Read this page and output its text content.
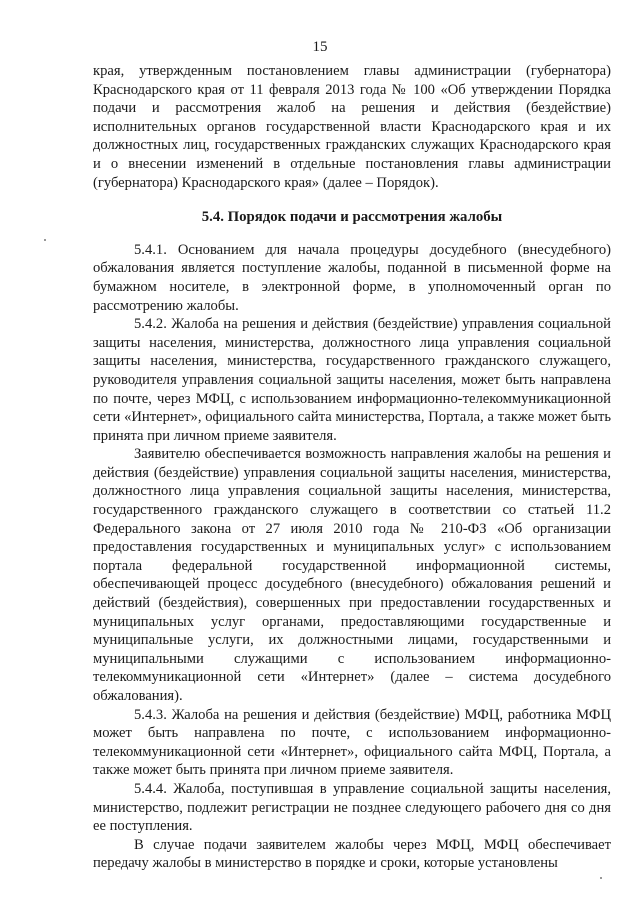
15

края, утвержденным постановлением главы администрации (губернатора) Краснодарского края от 11 февраля 2013 года № 100 «Об утверждении Порядка подачи и рассмотрения жалоб на решения и действия (бездействие) исполнительных органов государственной власти Краснодарского края и их должностных лиц, государственных гражданских служащих Краснодарского края и о внесении изменений в отдельные постановления главы администрации (губернатора) Краснодарского края» (далее – Порядок).

5.4. Порядок подачи и рассмотрения жалобы

5.4.1. Основанием для начала процедуры досудебного (внесудебного) обжалования является поступление жалобы, поданной в письменной форме на бумажном носителе, в электронной форме, в уполномоченный орган по рассмотрению жалобы.

5.4.2. Жалоба на решения и действия (бездействие) управления социальной защиты населения, министерства, должностного лица управления социальной защиты населения, министерства, государственного гражданского служащего, руководителя управления социальной защиты населения, может быть направлена по почте, через МФЦ, с использованием информационно-телекоммуникационной сети «Интернет», официального сайта министерства, Портала, а также может быть принята при личном приеме заявителя.

Заявителю обеспечивается возможность направления жалобы на решения и действия (бездействие) управления социальной защиты населения, министерства, должностного лица управления социальной защиты населения, министерства, государственного гражданского служащего в соответствии со статьей 11.2 Федерального закона от 27 июля 2010 года № 210-ФЗ «Об организации предоставления государственных и муниципальных услуг» с использованием портала федеральной государственной информационной системы, обеспечивающей процесс досудебного (внесудебного) обжалования решений и действий (бездействия), совершенных при предоставлении государственных и муниципальных услуг органами, предоставляющими государственные и муниципальные услуги, их должностными лицами, государственными и муниципальными служащими с использованием информационно-телекоммуникационной сети «Интернет» (далее – система досудебного обжалования).

5.4.3. Жалоба на решения и действия (бездействие) МФЦ, работника МФЦ может быть направлена по почте, с использованием информационно-телекоммуникационной сети «Интернет», официального сайта МФЦ, Портала, а также может быть принята при личном приеме заявителя.

5.4.4. Жалоба, поступившая в управление социальной защиты населения, министерство, подлежит регистрации не позднее следующего рабочего дня со дня ее поступления.

В случае подачи заявителем жалобы через МФЦ, МФЦ обеспечивает передачу жалобы в министерство в порядке и сроки, которые установлены
